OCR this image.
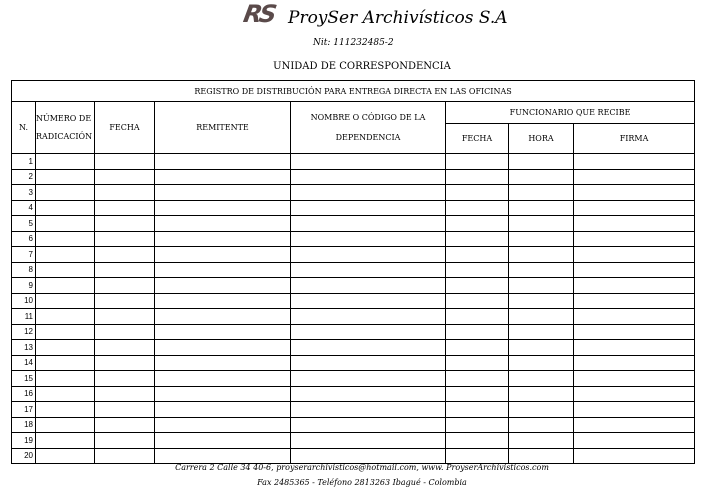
RS ProySer Archivísticos S.A
Nit: 111232485-2
UNIDAD DE CORRESPONDENCIA
REGISTRO DE DISTRIBUCIÓN PARA ENTREGA DIRECTA EN LAS OFICINAS							
N.	NÚMERO DE RADICACIÓN	FECHA	REMITENTE	NOMBRE O CÓDIGO DE LA DEPENDENCIA	FUNCIONARIO QUE RECIBE		
					FECHA	HORA	FIRMA
1							
2							
3							
4							
5							
6							
7							
8							
9							
10							
11							
12							
13							
14							
15							
16							
17							
18							
19							
20							
Carrera 2 Calle 34 40-6, proyserarchivisticos@hotmail.com, www. ProyserArchivisticos.com
Fax 2485365 - Teléfono 2813263 Ibagué - Colombia
